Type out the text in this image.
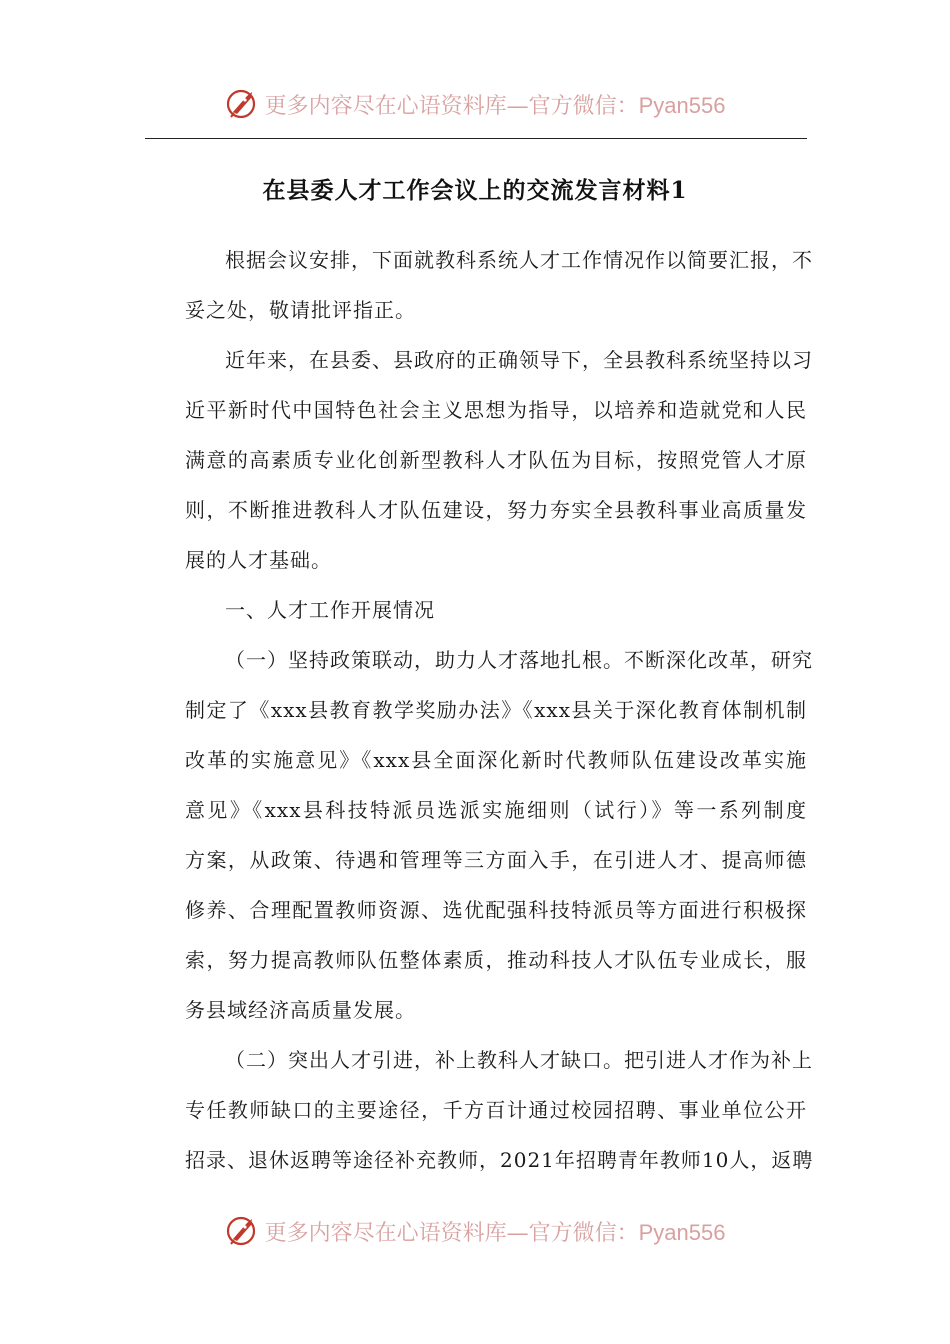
更多内容尽在心语资料库—官方微信：Pyan556
在县委人才工作会议上的交流发言材料1
根据会议安排，下面就教科系统人才工作情况作以简要汇报，不
妥之处，敬请批评指正。
近年来，在县委、县政府的正确领导下，全县教科系统坚持以习
近平新时代中国特色社会主义思想为指导，以培养和造就党和人民
满意的高素质专业化创新型教科人才队伍为目标，按照党管人才原
则，不断推进教科人才队伍建设，努力夯实全县教科事业高质量发
展的人才基础。
一、人才工作开展情况
（一）坚持政策联动，助力人才落地扎根。不断深化改革，研究
制定了《xxx县教育教学奖励办法》《xxx县关于深化教育体制机制
改革的实施意见》《xxx县全面深化新时代教师队伍建设改革实施
意见》《xxx县科技特派员选派实施细则（试行）》等一系列制度
方案，从政策、待遇和管理等三方面入手，在引进人才、提高师德
修养、合理配置教师资源、选优配强科技特派员等方面进行积极探
索，努力提高教师队伍整体素质，推动科技人才队伍专业成长，服
务县域经济高质量发展。
（二）突出人才引进，补上教科人才缺口。把引进人才作为补上
专任教师缺口的主要途径，千方百计通过校园招聘、事业单位公开
招录、退休返聘等途径补充教师，2021年招聘青年教师10人，返聘
更多内容尽在心语资料库—官方微信：Pyan556
